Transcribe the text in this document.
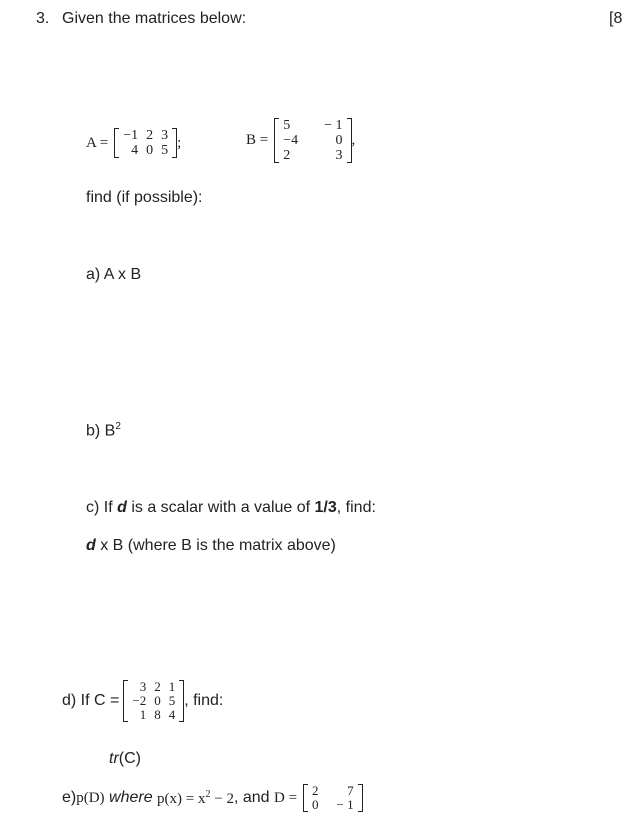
3. Given the matrices below:	[8
A = −1	2	3
4	0	5 ;	B =
5	− 1
−4	0
2	3
,
find (if possible):
a) A x B
b) $B^2$
c) If d is a scalar with a value of 1/3, find:
d x B (where B is the matrix above)
d) If C =
3	2	1
−2	0	5
1	8	4
, find:
tr(C)
e) p(D) where $p(x) = x^2 - 2$ , and D = 2	7
0	− 1
